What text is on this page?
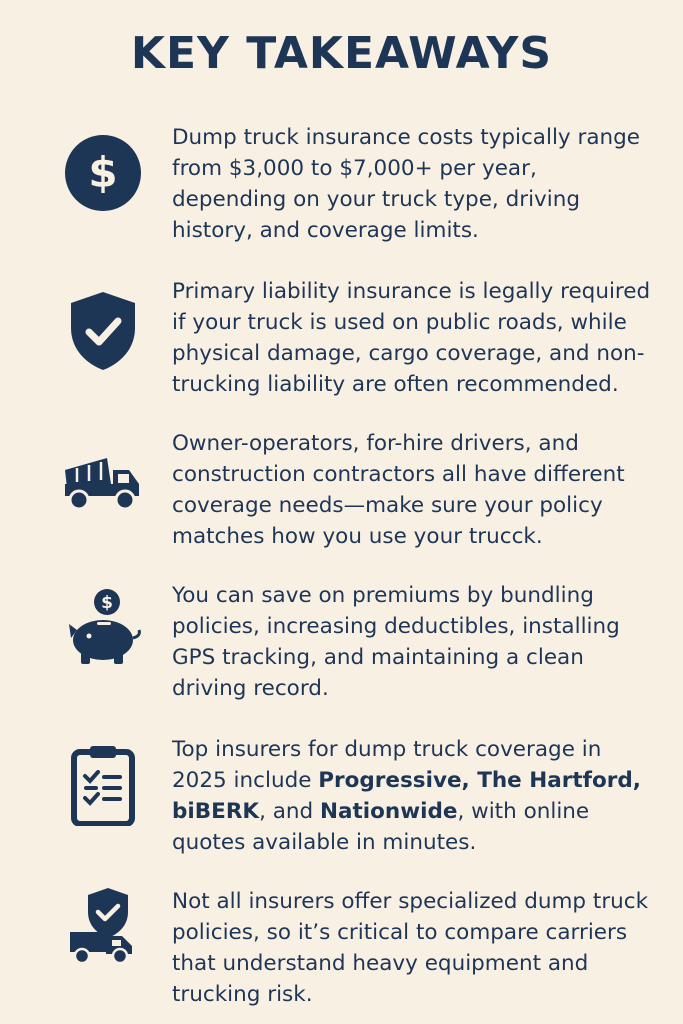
KEY TAKEAWAYS
$
Dump truck insurance costs typically range from $3,000 to $7,000+ per year, depending on your truck type, driving history, and coverage limits.
Primary liability insurance is legally required if your truck is used on public roads, while physical damage, cargo coverage, and non-trucking liability are often recommended.
Owner-operators, for-hire drivers, and construction contractors all have different coverage needs—make sure your policy matches how you use your trucck.
$	You can save on premiums by bundling policies, increasing deductibles, installing GPS tracking, and maintaining a clean driving record.
Top insurers for dump truck coverage in 2025 include Progressive, The Hartford, biBERK, and Nationwide, with online quotes available in minutes.
Not all insurers offer specialized dump truck policies, so it’s critical to compare carriers that understand heavy equipment and trucking risk.
